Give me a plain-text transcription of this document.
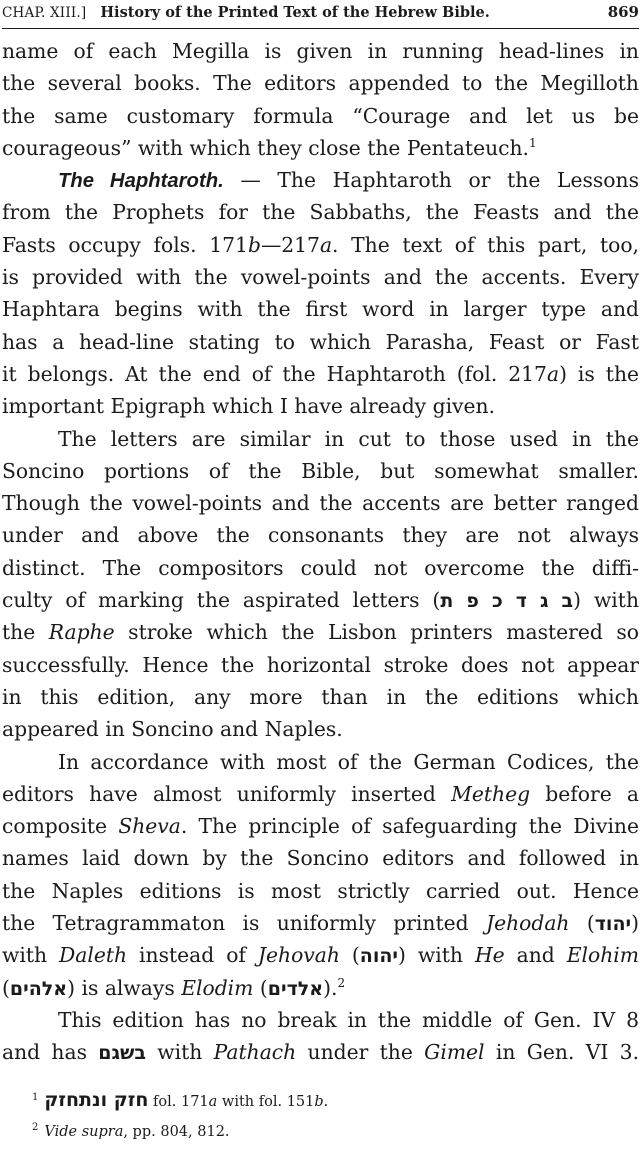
CHAP. XIII.] History of the Printed Text of the Hebrew Bible.	869
name of each Megilla is given in running head-lines in
the several books. The editors appended to the Megilloth
the same customary formula “Courage and let us be
courageous” with which they close the Pentateuch.$^1$
The Haphtaroth. — The Haphtaroth or the Lessons
from the Prophets for the Sabbaths, the Feasts and the
Fasts occupy fols. 171b—217a. The text of this part, too,
is provided with the vowel-points and the accents. Every
Haphtara begins with the first word in larger type and
has a head-line stating to which Parasha, Feast or Fast
it belongs. At the end of the Haphtaroth (fol. 217a) is the
important Epigraph which I have already given.
The letters are similar in cut to those used in the
Soncino portions of the Bible, but somewhat smaller.
Though the vowel-points and the accents are better ranged
under and above the consonants they are not always
distinct. The compositors could not overcome the diffi-
culty of marking the aspirated letters (ב ג ד כ פ ת) with
the Raphe stroke which the Lisbon printers mastered so
successfully. Hence the horizontal stroke does not appear
in this edition, any more than in the editions which
appeared in Soncino and Naples.
In accordance with most of the German Codices, the
editors have almost uniformly inserted Metheg before a
composite Sheva. The principle of safeguarding the Divine
names laid down by the Soncino editors and followed in
the Naples editions is most strictly carried out. Hence
the Tetragrammaton is uniformly printed Jehodah (יהוד)
with Daleth instead of Jehovah (יהוה) with He and Elohim
(אלהים) is always Elodim (אלדים).$^2$
This edition has no break in the middle of Gen. IV 8
and has בשגם with Pathach under the Gimel in Gen. VI 3.
$^1$ חזק ונתחזק fol. 171a with fol. 151b.
$^2$ Vide supra, pp. 804, 812.
